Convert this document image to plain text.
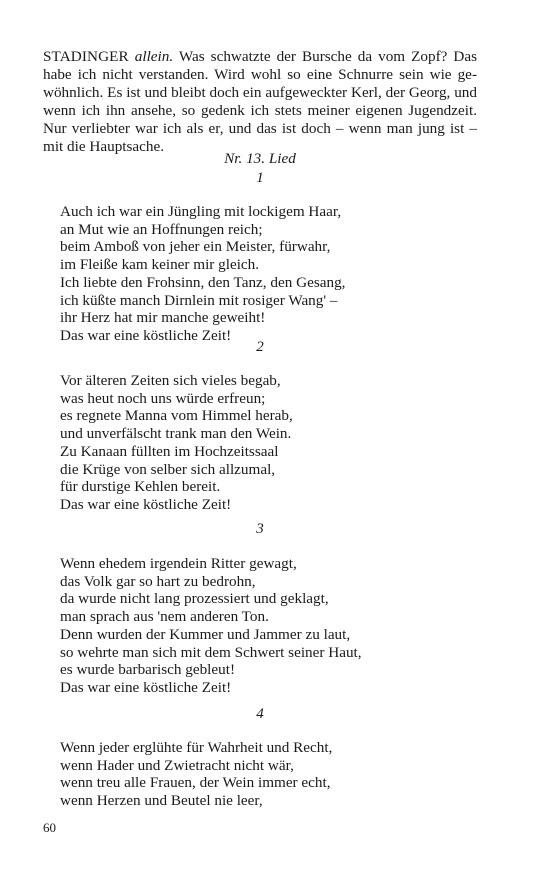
STADINGER allein. Was schwatzte der Bursche da vom Zopf? Das habe ich nicht verstanden. Wird wohl so eine Schnurre sein wie gewöhnlich. Es ist und bleibt doch ein aufgeweckter Kerl, der Georg, und wenn ich ihn ansehe, so gedenk ich stets meiner eigenen Jugendzeit. Nur verliebter war ich als er, und das ist doch – wenn man jung ist – mit die Hauptsache.

Nr. 13. Lied

1

Auch ich war ein Jüngling mit lockigem Haar,
an Mut wie an Hoffnungen reich;
beim Amboß von jeher ein Meister, fürwahr,
im Fleiße kam keiner mir gleich.
Ich liebte den Frohsinn, den Tanz, den Gesang,
ich küßte manch Dirnlein mit rosiger Wang' –
ihr Herz hat mir manche geweiht!
Das war eine köstliche Zeit!

2

Vor älteren Zeiten sich vieles begab,
was heut noch uns würde erfreun;
es regnete Manna vom Himmel herab,
und unverfälscht trank man den Wein.
Zu Kanaan füllten im Hochzeitssaal
die Krüge von selber sich allzumal,
für durstige Kehlen bereit.
Das war eine köstliche Zeit!

3

Wenn ehedem irgendein Ritter gewagt,
das Volk gar so hart zu bedrohn,
da wurde nicht lang prozessiert und geklagt,
man sprach aus 'nem anderen Ton.
Denn wurden der Kummer und Jammer zu laut,
so wehrte man sich mit dem Schwert seiner Haut,
es wurde barbarisch gebleut!
Das war eine köstliche Zeit!

4

Wenn jeder erglühte für Wahrheit und Recht,
wenn Hader und Zwietracht nicht wär,
wenn treu alle Frauen, der Wein immer echt,
wenn Herzen und Beutel nie leer,
60
